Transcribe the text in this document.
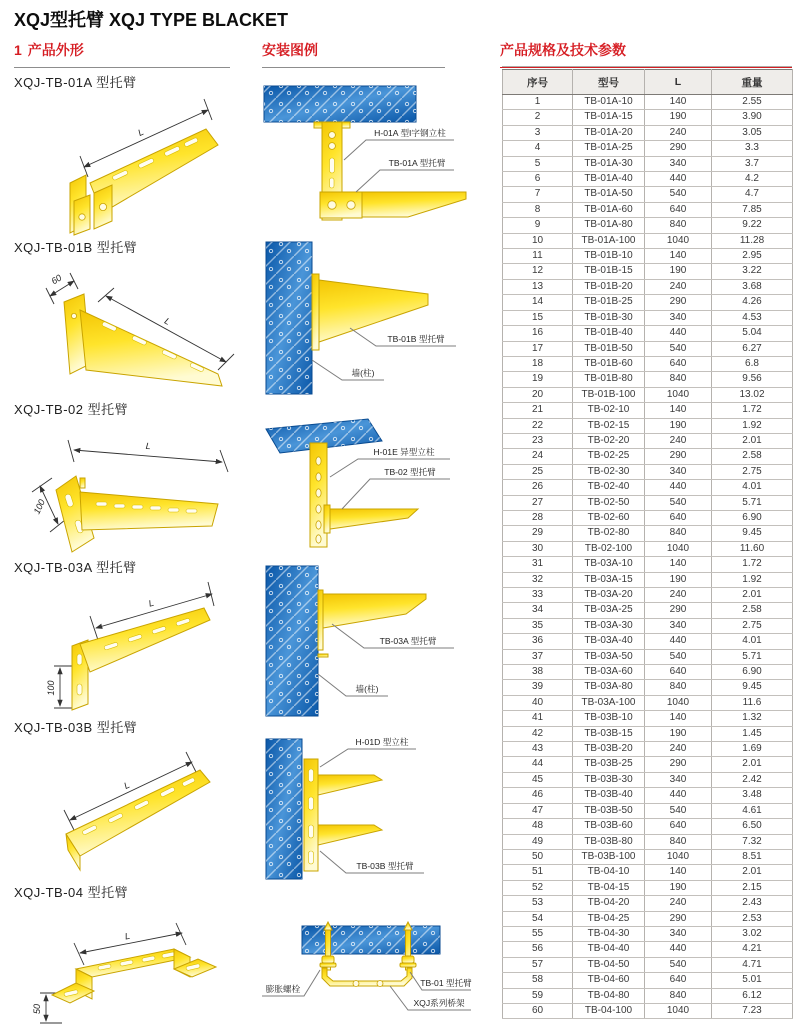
XQJ型托臂 XQJ TYPE BLACKET
1 产品外形	安装图例	产品规格及技术参数
XQJ-TB-01A 型托臂
L
XQJ-TB-01B 型托臂
60
L
XQJ-TB-02 型托臂
L
100
XQJ-TB-03A 型托臂
L
100
XQJ-TB-03B 型托臂
L
XQJ-TB-04 型托臂
L
50
H-01A 型I字钢立柱
TB-01A 型托臂
TB-01B 型托臂
墙(柱)
H-01E 异型立柱
TB-02 型托臂
TB-03A 型托臂
墙(柱)
H-01D 型立柱
TB-03B 型托臂
膨胀螺栓
TB-01 型托臂
XQJ系列桥架
序号	型号	L	重量
1	TB-01A-10	140	2.55
2	TB-01A-15	190	3.90
3	TB-01A-20	240	3.05
4	TB-01A-25	290	3.3
5	TB-01A-30	340	3.7
6	TB-01A-40	440	4.2
7	TB-01A-50	540	4.7
8	TB-01A-60	640	7.85
9	TB-01A-80	840	9.22
10	TB-01A-100	1040	11.28
11	TB-01B-10	140	2.95
12	TB-01B-15	190	3.22
13	TB-01B-20	240	3.68
14	TB-01B-25	290	4.26
15	TB-01B-30	340	4.53
16	TB-01B-40	440	5.04
17	TB-01B-50	540	6.27
18	TB-01B-60	640	6.8
19	TB-01B-80	840	9.56
20	TB-01B-100	1040	13.02
21	TB-02-10	140	1.72
22	TB-02-15	190	1.92
23	TB-02-20	240	2.01
24	TB-02-25	290	2.58
25	TB-02-30	340	2.75
26	TB-02-40	440	4.01
27	TB-02-50	540	5.71
28	TB-02-60	640	6.90
29	TB-02-80	840	9.45
30	TB-02-100	1040	11.60
31	TB-03A-10	140	1.72
32	TB-03A-15	190	1.92
33	TB-03A-20	240	2.01
34	TB-03A-25	290	2.58
35	TB-03A-30	340	2.75
36	TB-03A-40	440	4.01
37	TB-03A-50	540	5.71
38	TB-03A-60	640	6.90
39	TB-03A-80	840	9.45
40	TB-03A-100	1040	11.6
41	TB-03B-10	140	1.32
42	TB-03B-15	190	1.45
43	TB-03B-20	240	1.69
44	TB-03B-25	290	2.01
45	TB-03B-30	340	2.42
46	TB-03B-40	440	3.48
47	TB-03B-50	540	4.61
48	TB-03B-60	640	6.50
49	TB-03B-80	840	7.32
50	TB-03B-100	1040	8.51
51	TB-04-10	140	2.01
52	TB-04-15	190	2.15
53	TB-04-20	240	2.43
54	TB-04-25	290	2.53
55	TB-04-30	340	3.02
56	TB-04-40	440	4.21
57	TB-04-50	540	4.71
58	TB-04-60	640	5.01
59	TB-04-80	840	6.12
60	TB-04-100	1040	7.23
